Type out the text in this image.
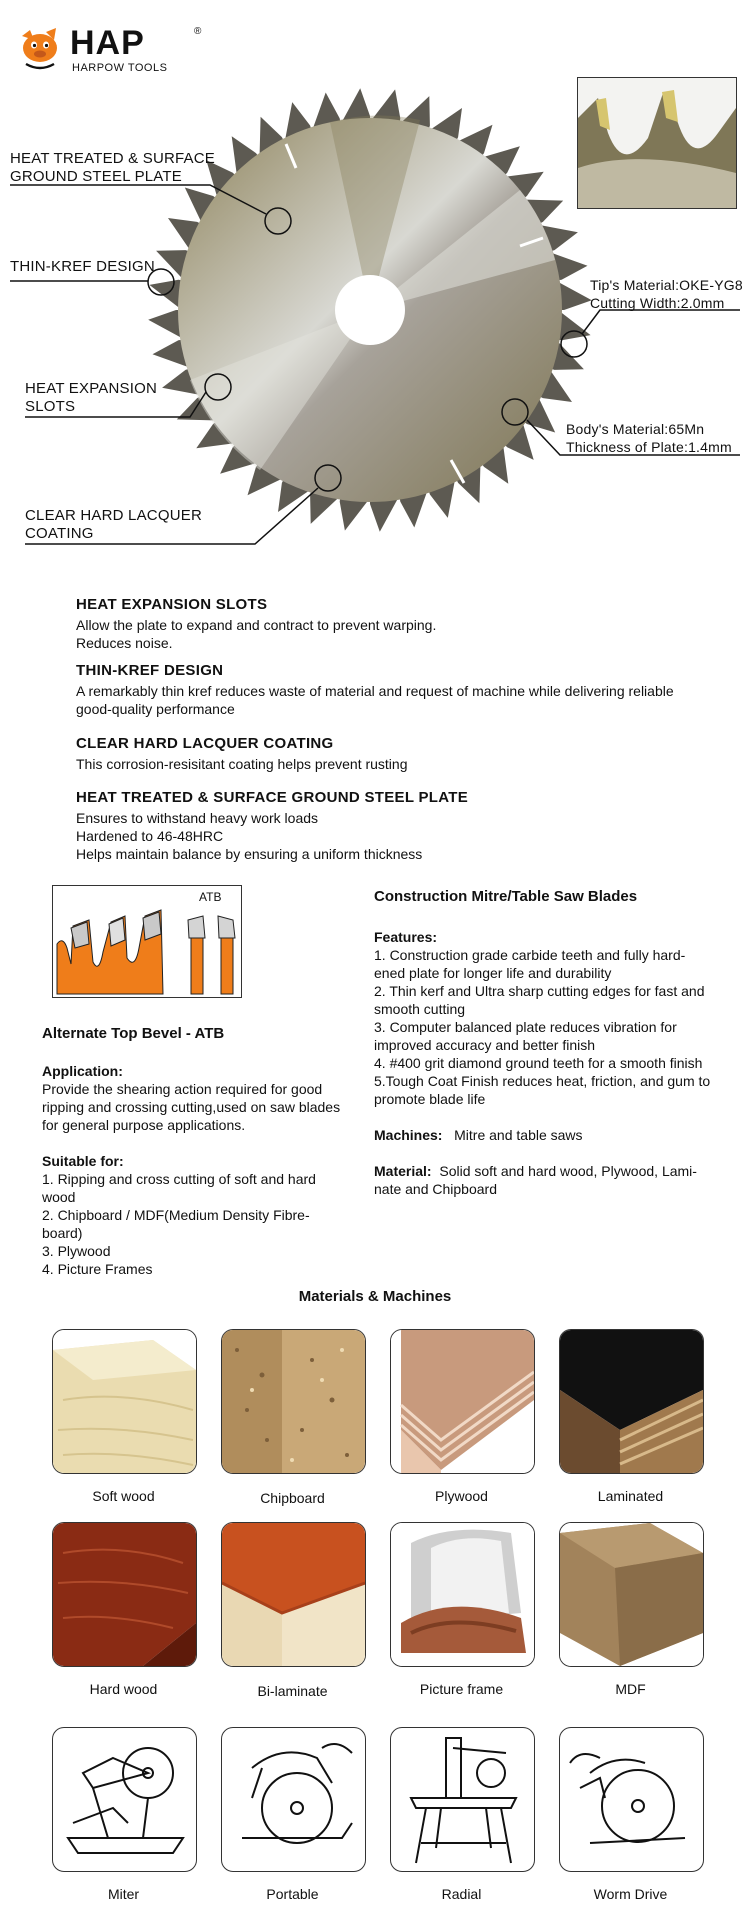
HAP	®
HARPOW TOOLS
HEAT TREATED & SURFACE
GROUND STEEL PLATE
THIN-KREF DESIGN
HEAT EXPANSION
SLOTS
CLEAR HARD LACQUER
COATING
Tip's Material:OKE-YG8
Cutting Width:2.0mm
Body's Material:65Mn
Thickness of Plate:1.4mm
HEAT EXPANSION SLOTS

Allow the plate to expand and contract to prevent warping.

Reduces noise.

THIN-KREF DESIGN

A remarkably thin kref reduces waste of material and request of machine while delivering reliable

good-quality performance

CLEAR HARD LACQUER COATING

This corrosion-resisitant coating helps prevent rusting

HEAT TREATED & SURFACE GROUND STEEL PLATE

Ensures to withstand heavy work loads

Hardened to 46-48HRC

Helps maintain balance by ensuring a uniform thickness

ATB
Alternate Top Bevel - ATB
Application:
Provide the shearing action required for good
ripping and crossing cutting,used on saw blades
for general purpose applications.
Suitable for:
1. Ripping and cross cutting of soft and hard
wood
2. Chipboard / MDF(Medium Density Fibre-
board)
3. Plywood
4. Picture Frames
Construction Mitre/Table Saw Blades
Features:
1. Construction grade carbide teeth and fully hard-
ened plate for longer life and durability
2. Thin kerf and Ultra sharp cutting edges for fast and
smooth cutting
3. Computer balanced plate reduces vibration for
improved accuracy and better finish
4. #400 grit diamond ground teeth for a smooth finish
5.Tough Coat Finish reduces heat, friction, and gum to
promote blade life
Machines: Mitre and table saws
Material: Solid soft and hard wood, Plywood, Lami-
nate and Chipboard
Materials & Machines
Soft wood	Chipboard	Plywood	Laminated
Hard wood	Bi-laminate	Picture frame	MDF
Miter	Portable	Radial	Worm Drive
